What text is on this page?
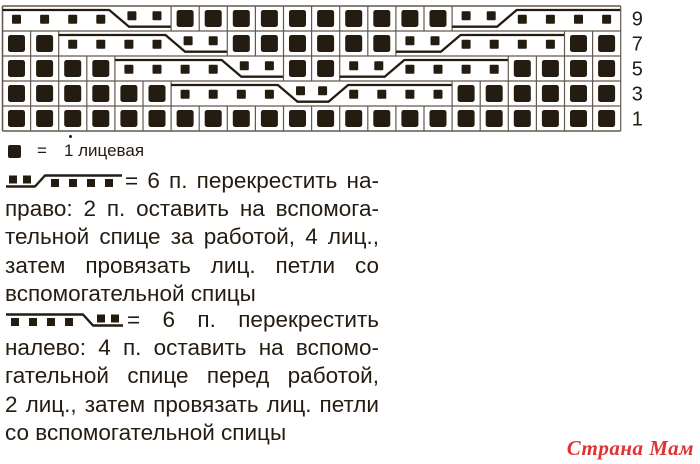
9
7
5
3
1
= 1 лицевая
= 6 п. перекрестить на-
право: 2 п. оставить на вспомога-
тельной спице за работой, 4 лиц.,
затем провязать лиц. петли со
вспомогательной спицы
= 6 п. перекрестить
налево: 4 п. оставить на вспомо-
гательной спице перед работой,
2 лиц., затем провязать лиц. петли
со вспомогательной спицы
Страна Мам
